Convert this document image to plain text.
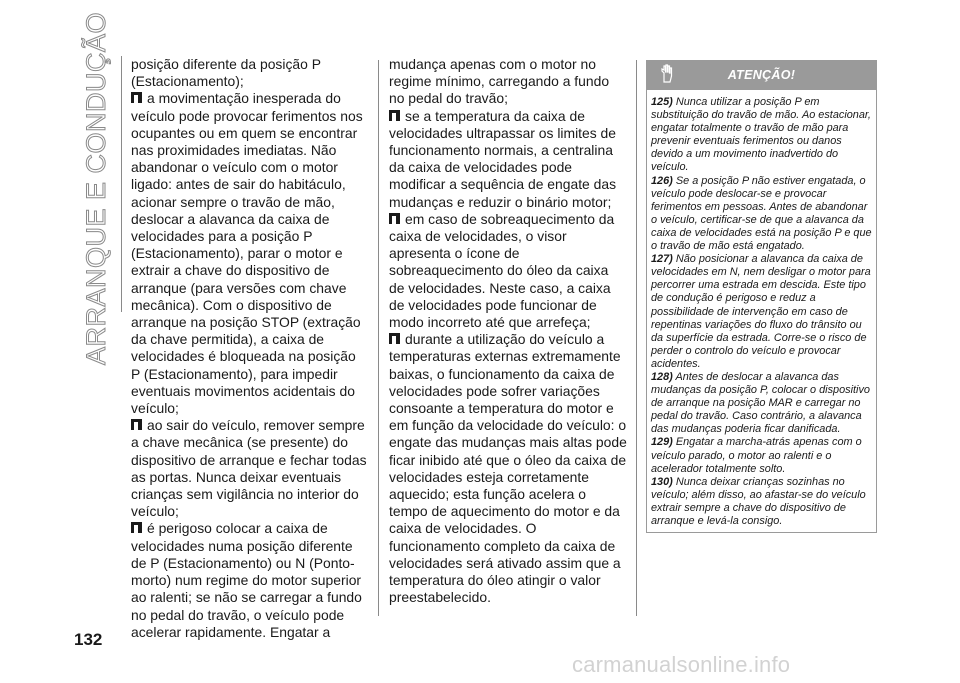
ARRANQUE E CONDUÇÃO
132

posição diferente da posição P (Estacionamento);

a movimentação inesperada do veículo pode provocar ferimentos nos ocupantes ou em quem se encontrar nas proximidades imediatas. Não abandonar o veículo com o motor ligado: antes de sair do habitáculo, acionar sempre o travão de mão, deslocar a alavanca da caixa de velocidades para a posição P (Estacionamento), parar o motor e extrair a chave do dispositivo de arranque (para versões com chave mecânica). Com o dispositivo de arranque na posição STOP (extração da chave permitida), a caixa de velocidades é bloqueada na posição P (Estacionamento), para impedir eventuais movimentos acidentais do veículo;

ao sair do veículo, remover sempre a chave mecânica (se presente) do dispositivo de arranque e fechar todas as portas. Nunca deixar eventuais crianças sem vigilância no interior do veículo;

é perigoso colocar a caixa de velocidades numa posição diferente de P (Estacionamento) ou N (Ponto-morto) num regime do motor superior ao ralenti; se não se carregar a fundo no pedal do travão, o veículo pode acelerar rapidamente. Engatar a

mudança apenas com o motor no regime mínimo, carregando a fundo no pedal do travão;

se a temperatura da caixa de velocidades ultrapassar os limites de funcionamento normais, a centralina da caixa de velocidades pode modificar a sequência de engate das mudanças e reduzir o binário motor;

em caso de sobreaquecimento da caixa de velocidades, o visor apresenta o ícone de sobreaquecimento do óleo da caixa de velocidades. Neste caso, a caixa de velocidades pode funcionar de modo incorreto até que arrefeça;

durante a utilização do veículo a temperaturas externas extremamente baixas, o funcionamento da caixa de velocidades pode sofrer variações consoante a temperatura do motor e em função da velocidade do veículo: o engate das mudanças mais altas pode ficar inibido até que o óleo da caixa de velocidades esteja corretamente aquecido; esta função acelera o tempo de aquecimento do motor e da caixa de velocidades. O funcionamento completo da caixa de velocidades será ativado assim que a temperatura do óleo atingir o valor preestabelecido.

ATENÇÃO!

125) Nunca utilizar a posição P em substituição do travão de mão. Ao estacionar, engatar totalmente o travão de mão para prevenir eventuais ferimentos ou danos devido a um movimento inadvertido do veículo.

126) Se a posição P não estiver engatada, o veículo pode deslocar-se e provocar ferimentos em pessoas. Antes de abandonar o veículo, certificar-se de que a alavanca da caixa de velocidades está na posição P e que o travão de mão está engatado.

127) Não posicionar a alavanca da caixa de velocidades em N, nem desligar o motor para percorrer uma estrada em descida. Este tipo de condução é perigoso e reduz a possibilidade de intervenção em caso de repentinas variações do fluxo do trânsito ou da superfície da estrada. Corre-se o risco de perder o controlo do veículo e provocar acidentes.

128) Antes de deslocar a alavanca das mudanças da posição P, colocar o dispositivo de arranque na posição MAR e carregar no pedal do travão. Caso contrário, a alavanca das mudanças poderia ficar danificada.

129) Engatar a marcha-atrás apenas com o veículo parado, o motor ao ralenti e o acelerador totalmente solto.

130) Nunca deixar crianças sozinhas no veículo; além disso, ao afastar-se do veículo extrair sempre a chave do dispositivo de arranque e levá-la consigo.

carmanualsonline.info
